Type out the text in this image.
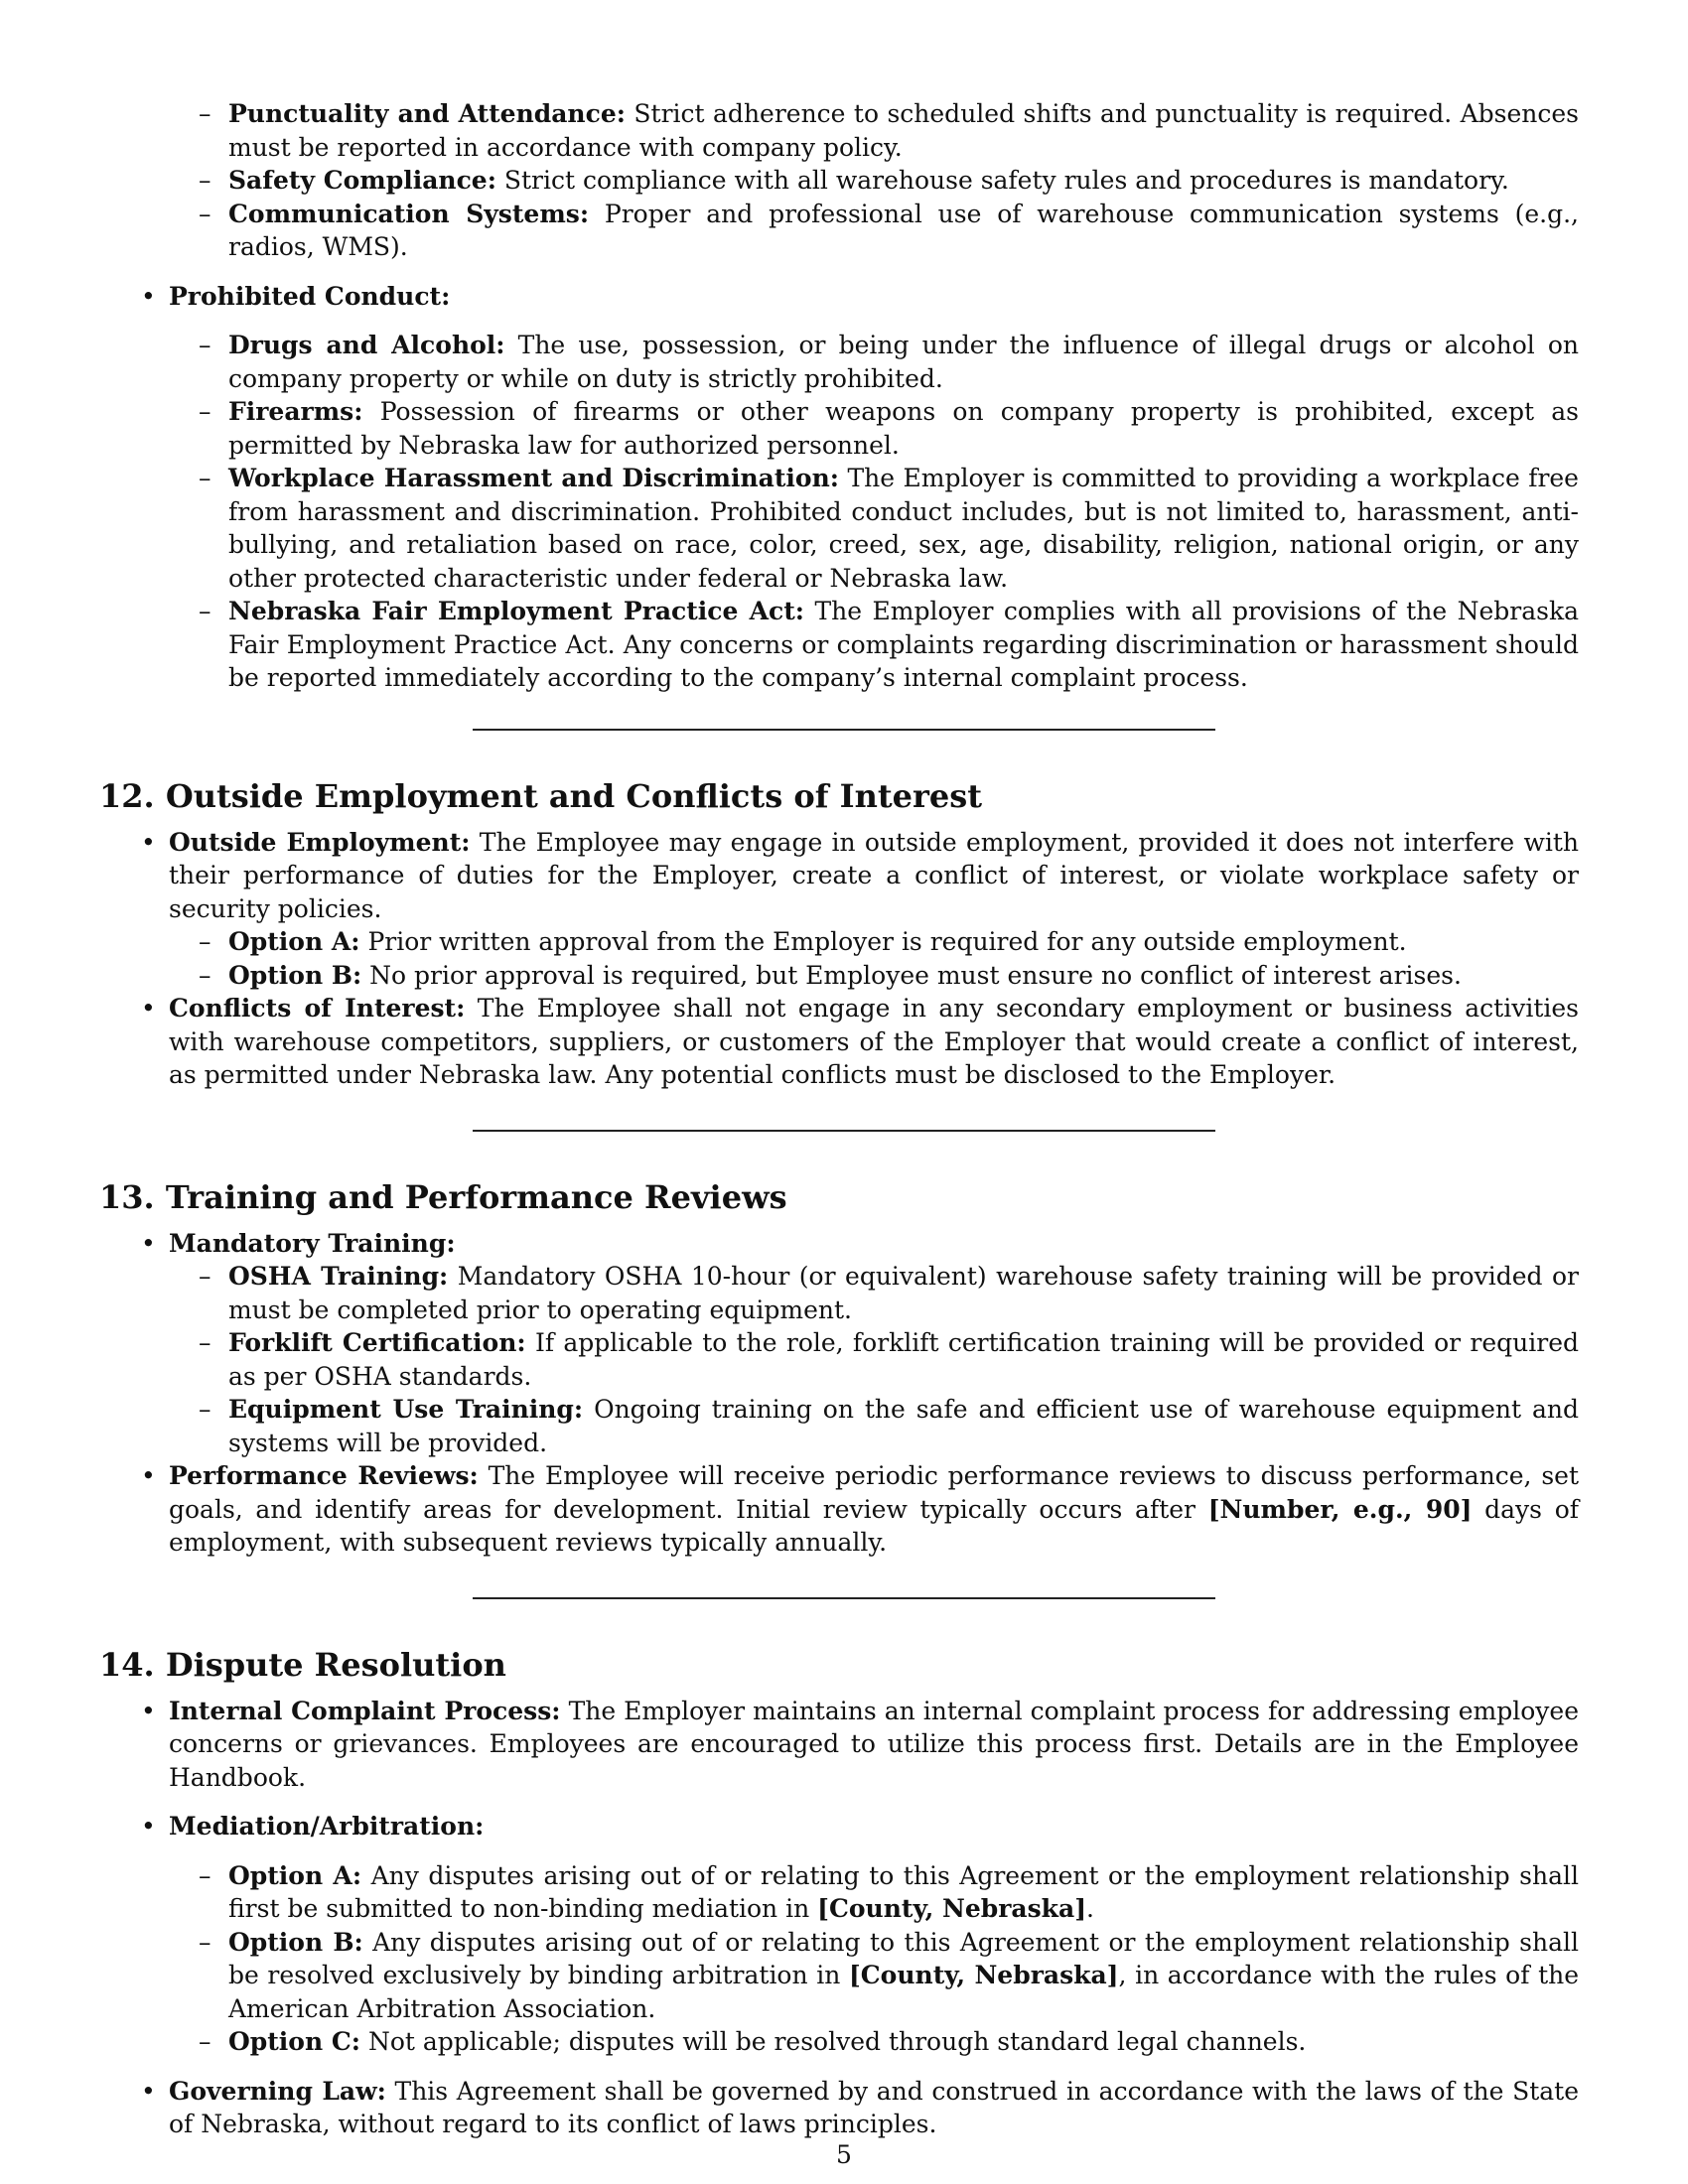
– Punctuality and Attendance: Strict adherence to scheduled shifts and punctuality is required. Absences must be reported in accordance with company policy.
– Safety Compliance: Strict compliance with all warehouse safety rules and procedures is mandatory.
– Communication Systems: Proper and professional use of warehouse communication systems (e.g., radios, WMS).
• Prohibited Conduct:
– Drugs and Alcohol: The use, possession, or being under the influence of illegal drugs or alcohol on company property or while on duty is strictly prohibited.
– Firearms: Possession of firearms or other weapons on company property is prohibited, except as permitted by Nebraska law for authorized personnel.
– Workplace Harassment and Discrimination: The Employer is committed to providing a workplace free from harassment and discrimination. Prohibited conduct includes, but is not limited to, harassment, anti-bullying, and retaliation based on race, color, creed, sex, age, disability, religion, national origin, or any other protected characteristic under federal or Nebraska law.
– Nebraska Fair Employment Practice Act: The Employer complies with all provisions of the Nebraska Fair Employment Practice Act. Any concerns or complaints regarding discrimination or harassment should be reported immediately according to the company’s internal complaint process.
12. Outside Employment and Conflicts of Interest
• Outside Employment: The Employee may engage in outside employment, provided it does not interfere with their performance of duties for the Employer, create a conflict of interest, or violate workplace safety or security policies.
– Option A: Prior written approval from the Employer is required for any outside employment.
– Option B: No prior approval is required, but Employee must ensure no conflict of interest arises.
• Conflicts of Interest: The Employee shall not engage in any secondary employment or business activities with warehouse competitors, suppliers, or customers of the Employer that would create a conflict of interest, as permitted under Nebraska law. Any potential conflicts must be disclosed to the Employer.
13. Training and Performance Reviews
• Mandatory Training:
– OSHA Training: Mandatory OSHA 10-hour (or equivalent) warehouse safety training will be provided or must be completed prior to operating equipment.
– Forklift Certification: If applicable to the role, forklift certification training will be provided or required as per OSHA standards.
– Equipment Use Training: Ongoing training on the safe and efficient use of warehouse equipment and systems will be provided.
• Performance Reviews: The Employee will receive periodic performance reviews to discuss performance, set goals, and identify areas for development. Initial review typically occurs after [Number, e.g., 90] days of employment, with subsequent reviews typically annually.
14. Dispute Resolution
• Internal Complaint Process: The Employer maintains an internal complaint process for addressing employee concerns or grievances. Employees are encouraged to utilize this process first. Details are in the Employee Handbook.
• Mediation/Arbitration:
– Option A: Any disputes arising out of or relating to this Agreement or the employment relationship shall first be submitted to non-binding mediation in [County, Nebraska].
– Option B: Any disputes arising out of or relating to this Agreement or the employment relationship shall be resolved exclusively by binding arbitration in [County, Nebraska], in accordance with the rules of the American Arbitration Association.
– Option C: Not applicable; disputes will be resolved through standard legal channels.
• Governing Law: This Agreement shall be governed by and construed in accordance with the laws of the State of Nebraska, without regard to its conflict of laws principles.
5
